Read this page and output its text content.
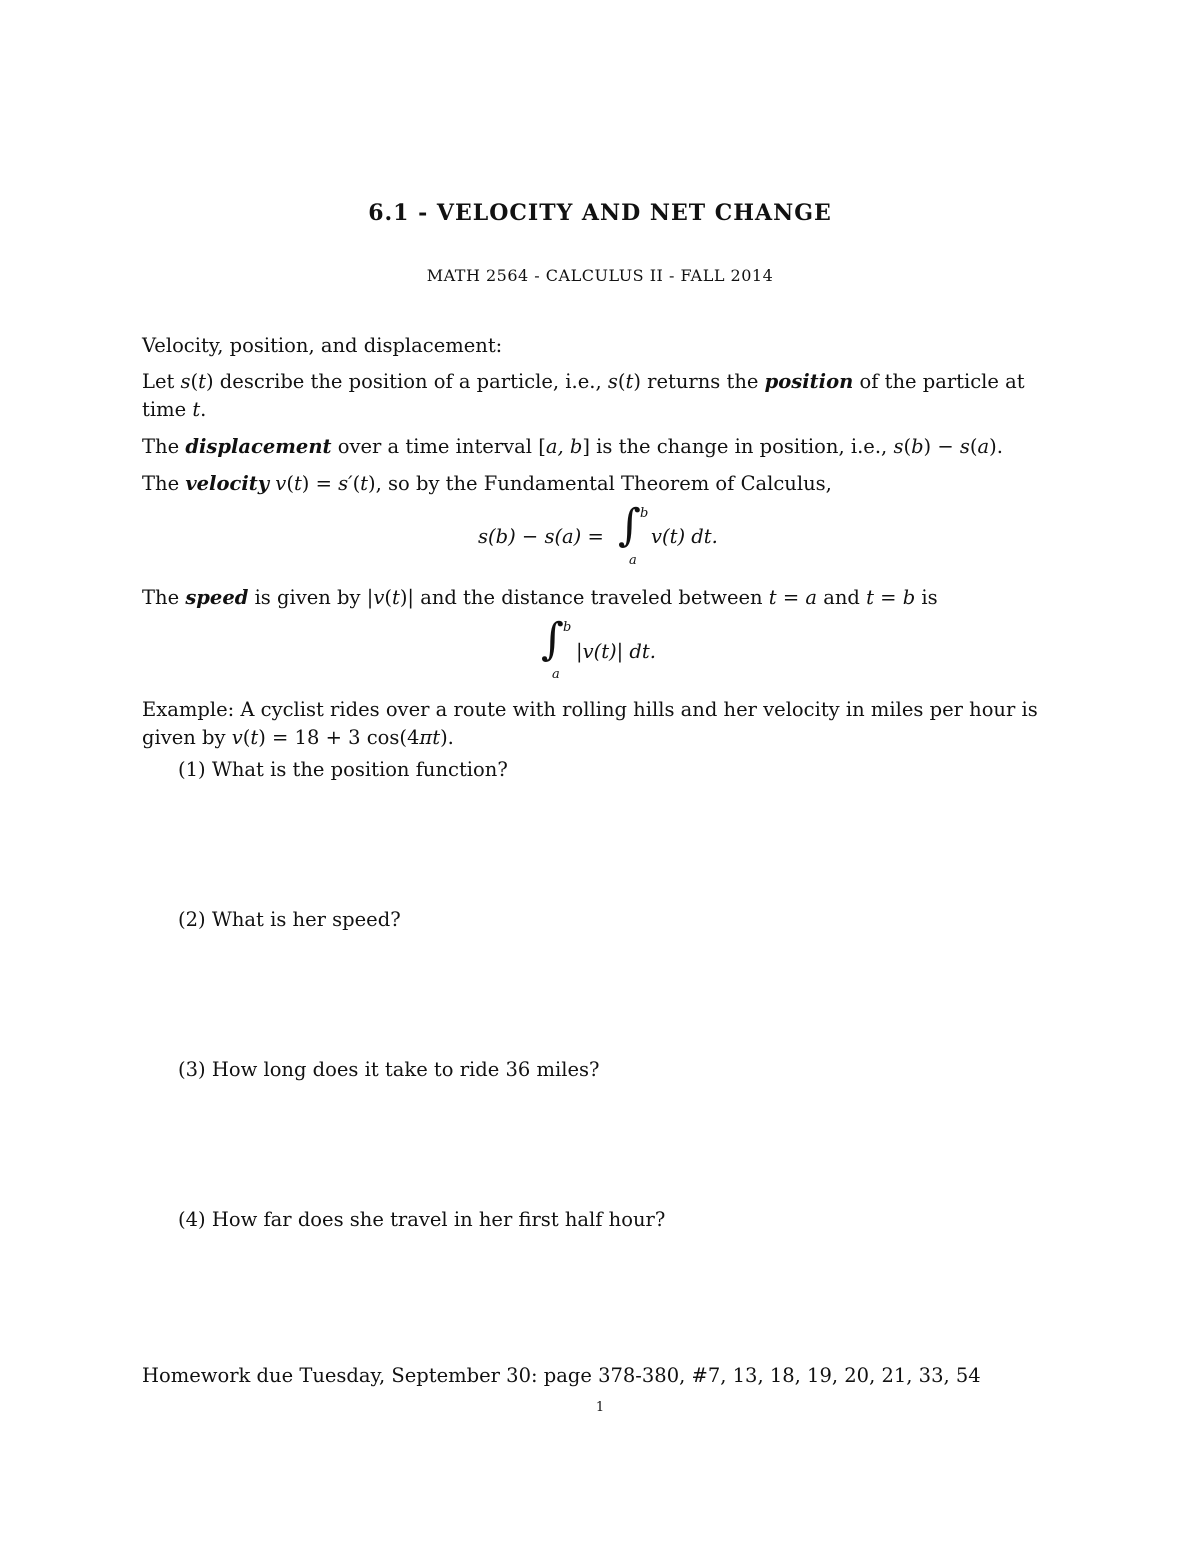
6.1 - VELOCITY AND NET CHANGE
MATH 2564 - CALCULUS II - FALL 2014
Velocity, position, and displacement:
Let s(t) describe the position of a particle, i.e., s(t) returns the position of the particle at
time t.
The displacement over a time interval [a, b] is the change in position, i.e., s(b) − s(a).
The velocity v(t) = s′(t), so by the Fundamental Theorem of Calculus,
s(b) − s(a) = ∫ b
a
v(t) dt.
The speed is given by |v(t)| and the distance traveled between t = a and t = b is
∫ b
a
|v(t)| dt.
Example: A cyclist rides over a route with rolling hills and her velocity in miles per hour is
given by v(t) = 18 + 3 cos(4πt).
(1) What is the position function?
(2) What is her speed?
(3) How long does it take to ride 36 miles?
(4) How far does she travel in her first half hour?
Homework due Tuesday, September 30: page 378-380, #7, 13, 18, 19, 20, 21, 33, 54
1
